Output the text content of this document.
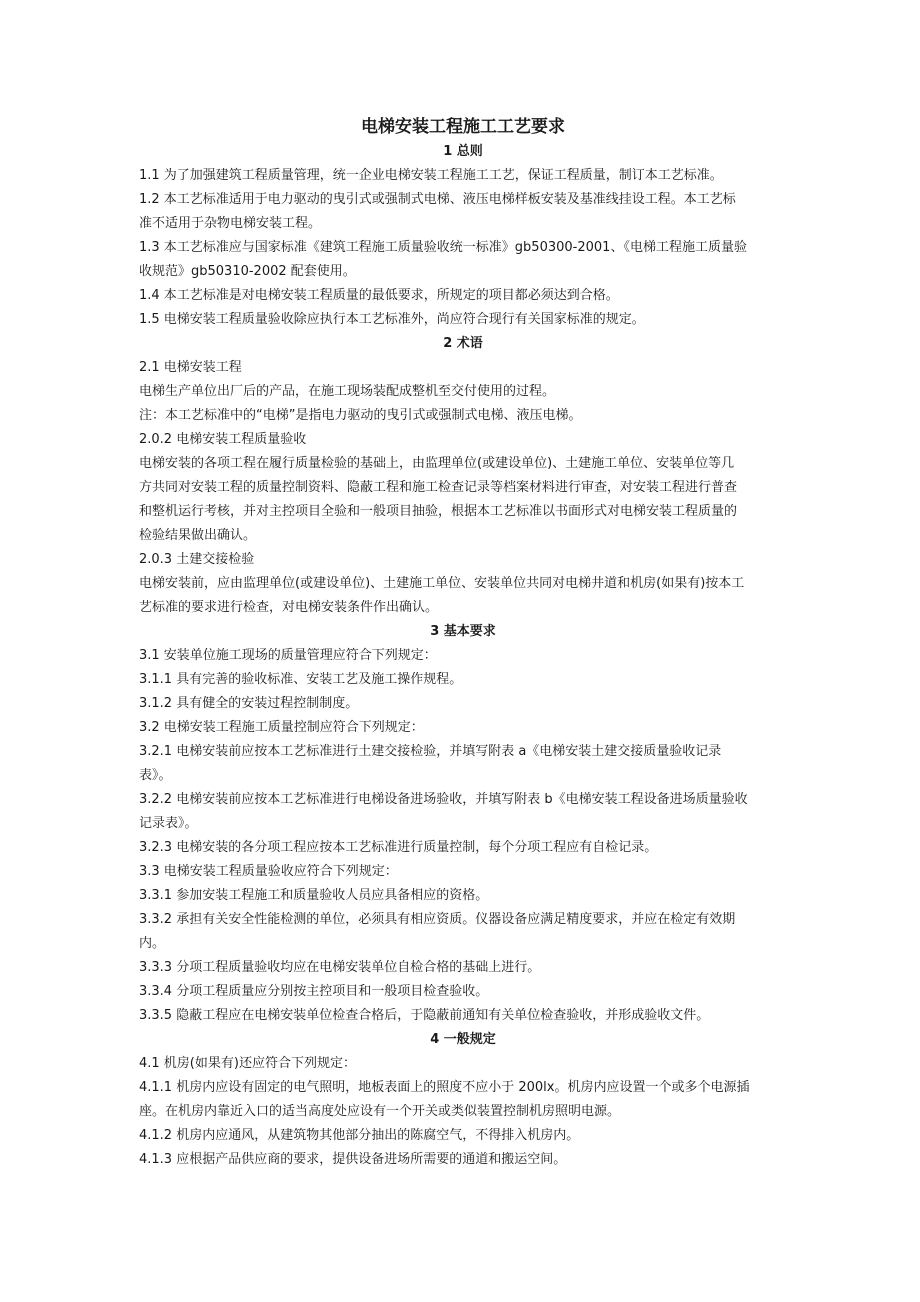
电梯安装工程施工工艺要求

1 总则

1.1 为了加强建筑工程质量管理，统一企业电梯安装工程施工工艺，保证工程质量，制订本工艺标准。

1.2 本工艺标准适用于电力驱动的曳引式或强制式电梯、液压电梯样板安装及基准线挂设工程。本工艺标

准不适用于杂物电梯安装工程。

1.3 本工艺标准应与国家标准《建筑工程施工质量验收统一标准》gb50300-2001、《电梯工程施工质量验

收规范》gb50310-2002 配套使用。

1.4 本工艺标准是对电梯安装工程质量的最低要求，所规定的项目都必须达到合格。

1.5 电梯安装工程质量验收除应执行本工艺标准外，尚应符合现行有关国家标准的规定。

2 术语

2.1 电梯安装工程

电梯生产单位出厂后的产品，在施工现场装配成整机至交付使用的过程。

注：本工艺标准中的“电梯”是指电力驱动的曳引式或强制式电梯、液压电梯。

2.0.2 电梯安装工程质量验收

电梯安装的各项工程在履行质量检验的基础上，由监理单位(或建设单位)、土建施工单位、安装单位等几

方共同对安装工程的质量控制资料、隐蔽工程和施工检查记录等档案材料进行审查，对安装工程进行普查

和整机运行考核，并对主控项目全验和一般项目抽验，根据本工艺标准以书面形式对电梯安装工程质量的

检验结果做出确认。

2.0.3 土建交接检验

电梯安装前，应由监理单位(或建设单位)、土建施工单位、安装单位共同对电梯井道和机房(如果有)按本工

艺标准的要求进行检查，对电梯安装条件作出确认。

3 基本要求

3.1 安装单位施工现场的质量管理应符合下列规定：

3.1.1 具有完善的验收标准、安装工艺及施工操作规程。

3.1.2 具有健全的安装过程控制制度。

3.2 电梯安装工程施工质量控制应符合下列规定：

3.2.1 电梯安装前应按本工艺标准进行土建交接检验，并填写附表 a《电梯安装土建交接质量验收记录

表》。

3.2.2 电梯安装前应按本工艺标准进行电梯设备进场验收，并填写附表 b《电梯安装工程设备进场质量验收

记录表》。

3.2.3 电梯安装的各分项工程应按本工艺标准进行质量控制，每个分项工程应有自检记录。

3.3 电梯安装工程质量验收应符合下列规定：

3.3.1 参加安装工程施工和质量验收人员应具备相应的资格。

3.3.2 承担有关安全性能检测的单位，必须具有相应资质。仪器设备应满足精度要求，并应在检定有效期

内。

3.3.3 分项工程质量验收均应在电梯安装单位自检合格的基础上进行。

3.3.4 分项工程质量应分别按主控项目和一般项目检查验收。

3.3.5 隐蔽工程应在电梯安装单位检查合格后，于隐蔽前通知有关单位检查验收，并形成验收文件。

4 一般规定

4.1 机房(如果有)还应符合下列规定：

4.1.1 机房内应设有固定的电气照明，地板表面上的照度不应小于 200lx。机房内应设置一个或多个电源插

座。在机房内靠近入口的适当高度处应设有一个开关或类似装置控制机房照明电源。

4.1.2 机房内应通风，从建筑物其他部分抽出的陈腐空气，不得排入机房内。

4.1.3 应根据产品供应商的要求，提供设备进场所需要的通道和搬运空间。
